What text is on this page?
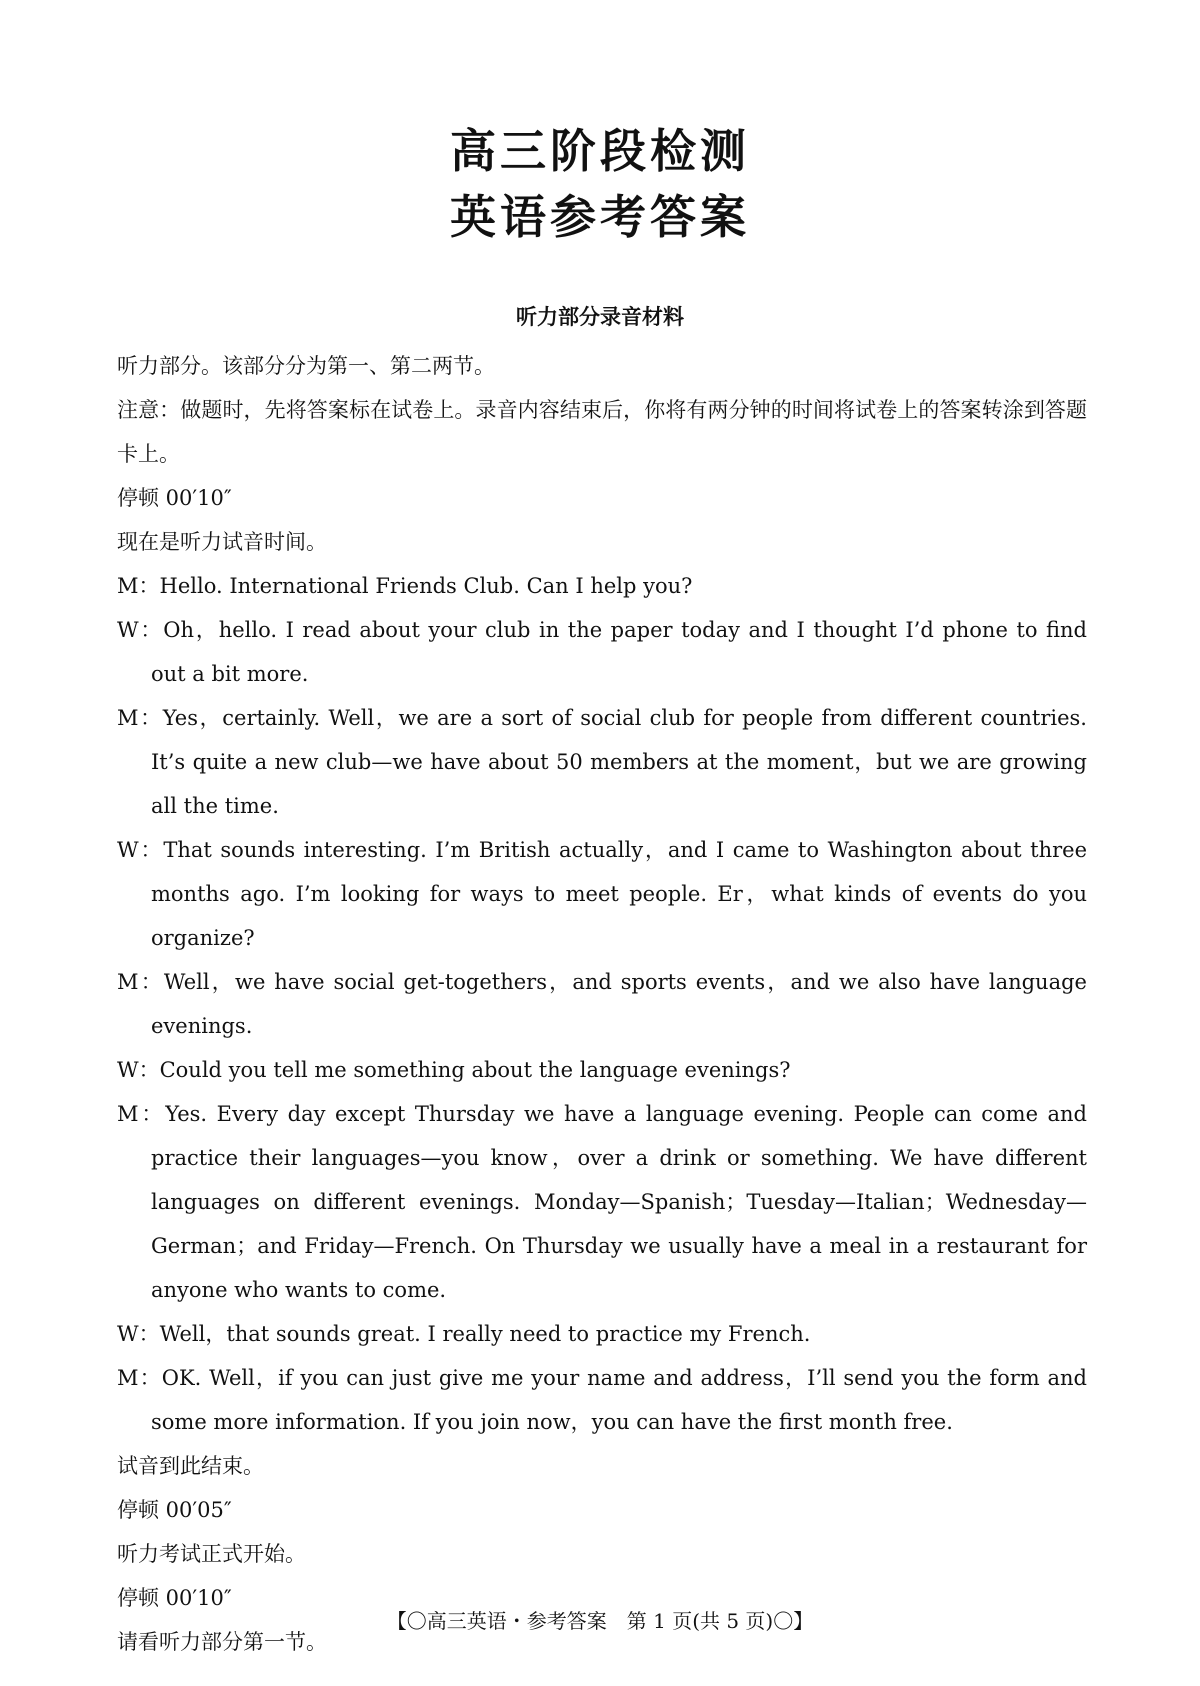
高三阶段检测
英语参考答案
听力部分录音材料

听力部分。该部分分为第一、第二两节。

注意：做题时，先将答案标在试卷上。录音内容结束后，你将有两分钟的时间将试卷上的答案转涂到答题卡上。

停顿 00′10″

现在是听力试音时间。

M：Hello. International Friends Club. Can I help you?

W：Oh，hello. I read about your club in the paper today and I thought I’d phone to find out a bit more.

M：Yes，certainly. Well，we are a sort of social club for people from different countries. It’s quite a new club—we have about 50 members at the moment，but we are growing all the time.

W：That sounds interesting. I’m British actually，and I came to Washington about three months ago. I’m looking for ways to meet people. Er，what kinds of events do you organize?

M：Well，we have social get-togethers，and sports events，and we also have language evenings.

W：Could you tell me something about the language evenings?

M：Yes. Every day except Thursday we have a language evening. People can come and practice their languages—you know，over a drink or something. We have different languages on different evenings. Monday—Spanish；Tuesday—Italian；Wednesday—German；and Friday—French. On Thursday we usually have a meal in a restaurant for anyone who wants to come.

W：Well，that sounds great. I really need to practice my French.

M：OK. Well，if you can just give me your name and address，I’ll send you the form and some more information. If you join now，you can have the first month free.

试音到此结束。

停顿 00′05″

听力考试正式开始。

停顿 00′10″

请看听力部分第一节。

【〇高三英语・参考答案　第 1 页(共 5 页)〇】
